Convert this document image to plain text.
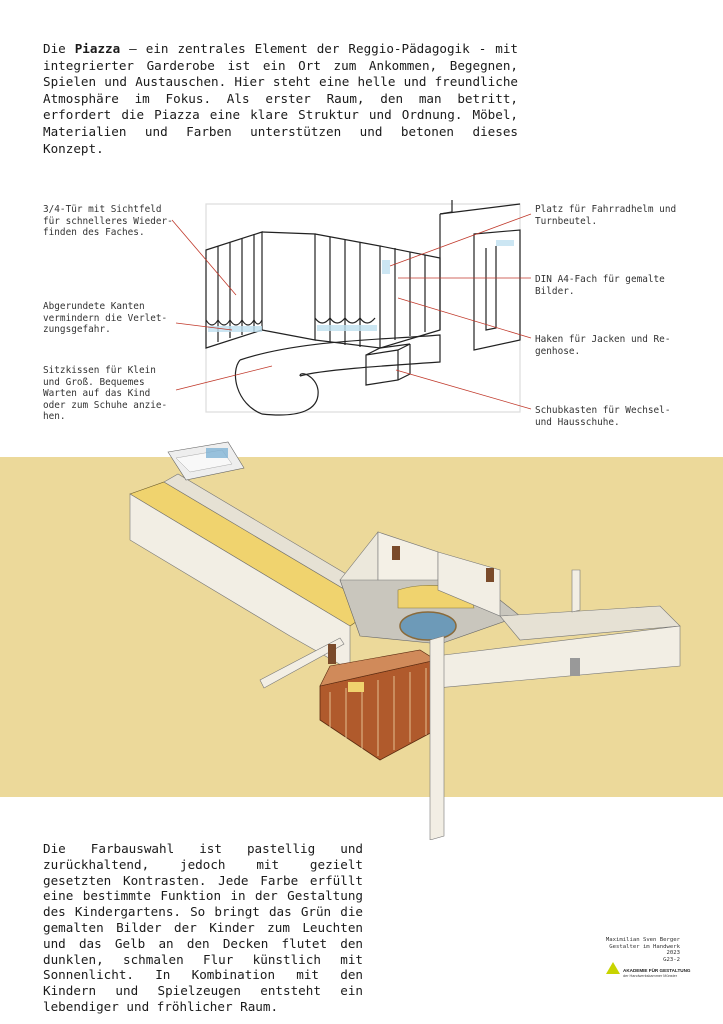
Die Piazza – ein zentrales Element der Reggio-Pädagogik - mit integrierter Garderobe ist ein Ort zum Ankommen, Begegnen, Spielen und Austauschen. Hier steht eine helle und freundliche Atmosphäre im Fokus. Als erster Raum, den man betritt, erfordert die Piazza eine klare Struktur und Ordnung. Möbel, Materialien und Farben unterstützen und betonen dieses Konzept.

3/4-Tür mit Sichtfeld
für schnelleres Wieder-
finden des Faches.

Abgerundete Kanten
vermindern die Verlet-
zungsgefahr.

Sitzkissen für Klein
und Groß. Bequemes
Warten auf das Kind
oder zum Schuhe anzie-
hen.

Platz für Fahrradhelm und
Turnbeutel.

DIN A4-Fach für gemalte
Bilder.

Haken für Jacken und Re-
genhose.

Schubkasten für Wechsel-
und Hausschuhe.

Die Farbauswahl ist pastellig und zurückhaltend, jedoch mit gezielt gesetzten Kontrasten. Jede Farbe erfüllt eine bestimmte Funktion in der Gestaltung des Kindergartens. So bringt das Grün die gemalten Bilder der Kinder zum Leuchten und das Gelb an den Decken flutet den dunklen, schmalen Flur künstlich mit Sonnenlicht. In Kombination mit den Kindern und Spielzeugen entsteht ein lebendiger und fröhlicher Raum.

Maximilian Sven Berger
Gestalter im Handwerk
2023
G23-2
AKADEMIE FÜR GESTALTUNG
der Handwerkskammer Münster
